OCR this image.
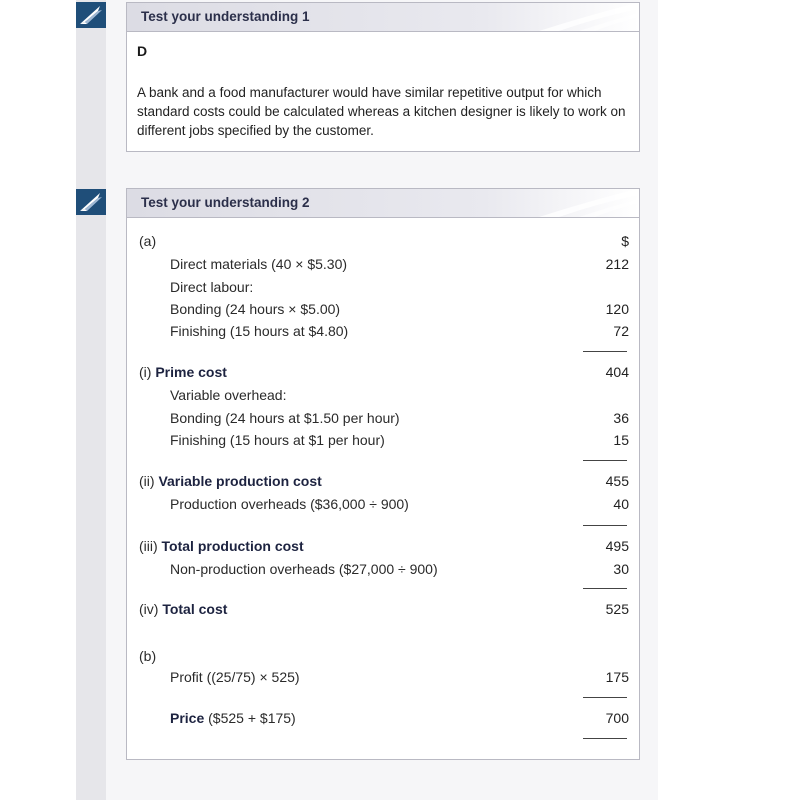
Test your understanding 1
D
A bank and a food manufacturer would have similar repetitive output for which standard costs could be calculated whereas a kitchen designer is likely to work on different jobs specified by the customer.
Test your understanding 2
(a)	$
Direct materials (40 × $5.30)	212
Direct labour:
Bonding (24 hours × $5.00)	120
Finishing (15 hours at $4.80)	72
(i) Prime cost	404
Variable overhead:
Bonding (24 hours at $1.50 per hour)	36
Finishing (15 hours at $1 per hour)	15
(ii) Variable production cost	455
Production overheads ($36,000 ÷ 900)	40
(iii) Total production cost	495
Non-production overheads ($27,000 ÷ 900)	30
(iv) Total cost	525
(b)
Profit ((25/75) × 525)	175
Price ($525 + $175)	700
